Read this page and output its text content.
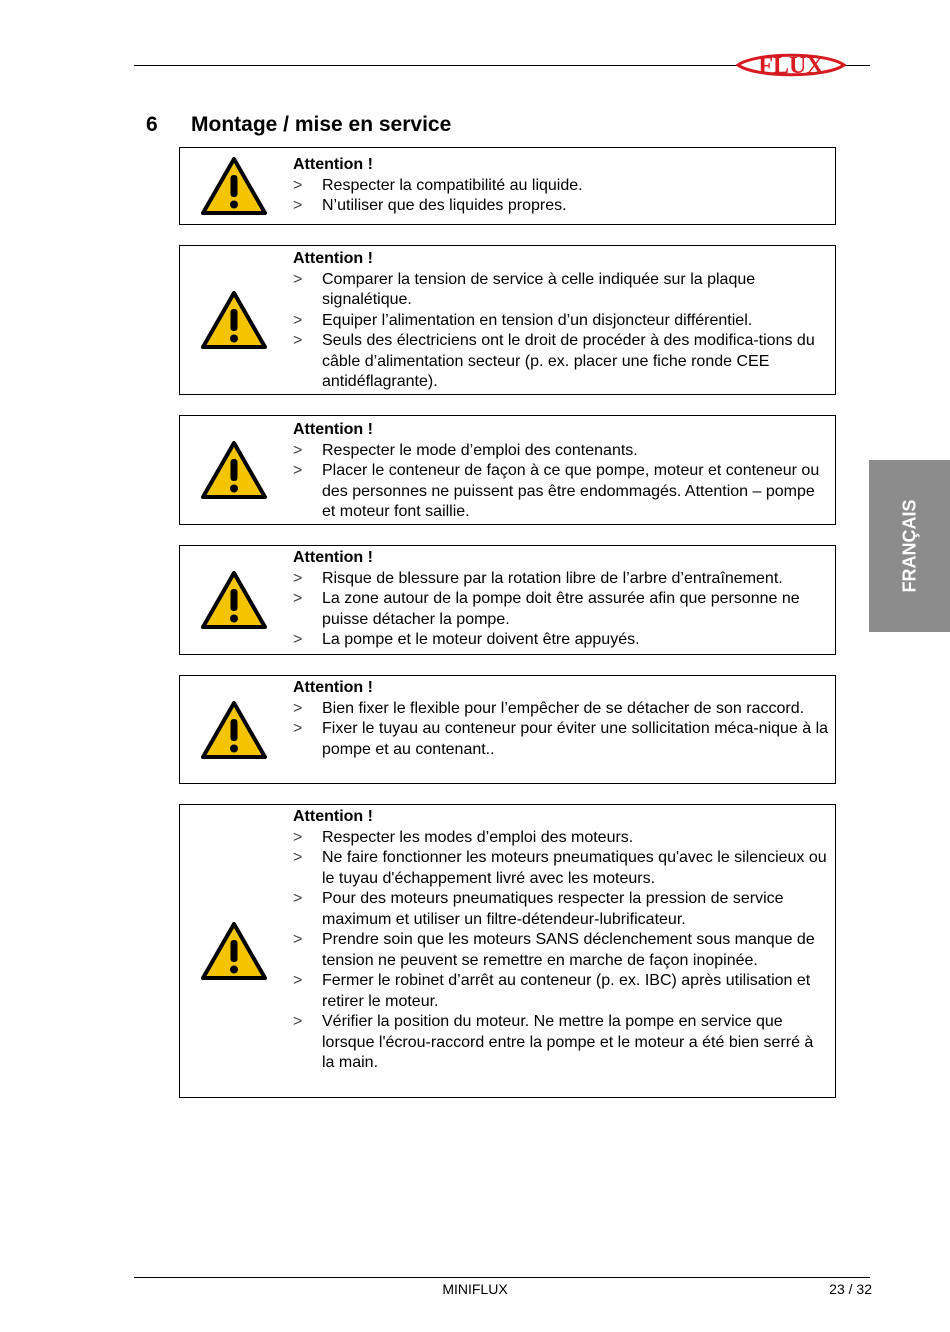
FLUX
6 Montage / mise en service
Attention !
> Respecter la compatibilité au liquide.
> N’utiliser que des liquides propres.
Attention !
> Comparer la tension de service à celle indiquée sur la plaque signalétique.
> Equiper l’alimentation en tension d’un disjoncteur différentiel.
> Seuls des électriciens ont le droit de procéder à des modifica-tions du câble d’alimentation secteur (p. ex. placer une fiche ronde CEE antidéflagrante).
Attention !
> Respecter le mode d’emploi des contenants.
> Placer le conteneur de façon à ce que pompe, moteur et conteneur ou des personnes ne puissent pas être endommagés. Attention – pompe et moteur font saillie.
Attention !
> Risque de blessure par la rotation libre de l’arbre d’entraînement.
> La zone autour de la pompe doit être assurée afin que personne ne puisse détacher la pompe.
> La pompe et le moteur doivent être appuyés.
Attention !
> Bien fixer le flexible pour l’empêcher de se détacher de son raccord.
> Fixer le tuyau au conteneur pour éviter une sollicitation méca-nique à la pompe et au contenant..
Attention !
> Respecter les modes d’emploi des moteurs.
> Ne faire fonctionner les moteurs pneumatiques qu'avec le silencieux ou le tuyau d'échappement livré avec les moteurs.
> Pour des moteurs pneumatiques respecter la pression de service maximum et utiliser un filtre-détendeur-lubrificateur.
> Prendre soin que les moteurs SANS déclenchement sous manque de tension ne peuvent se remettre en marche de façon inopinée.
> Fermer le robinet d’arrêt au conteneur (p. ex. IBC) après utilisation et retirer le moteur.
> Vérifier la position du moteur. Ne mettre la pompe en service que lorsque l'écrou-raccord entre la pompe et le moteur a été bien serré à la main.
FRANÇAIS
MINIFLUX	23 / 32
